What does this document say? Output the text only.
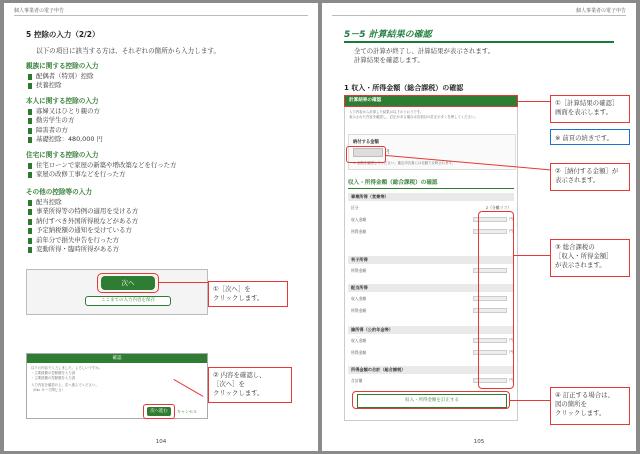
個人事業者の電子申告
5 控除の入力（2/2）
以下の項目に該当する方は、それぞれの箇所から入力します。
親族に関する控除の入力
配偶者（特別）控除
扶養控除
本人に関する控除の入力
寡婦又はひとり親の方
勤労学生の方
障害者の方
基礎控除：480,000 円
住宅に関する控除の入力
住宅ローンで家屋の新築や増改築などを行った方
家屋の改修工事などを行った方
その他の控除等の入力
配当控除
事業所得等の特例の適用を受ける方
納付すべき外国所得税などがある方
予定納税額の通知を受けている方
前年分で損失申告を行った方
変動所得・臨時所得がある方
次へ
ここまでの入力内容を保存
①［次へ］を
クリックします。
確認
以下の内容で入力しました。よろしいですか。
・主要経費の控除額を入力済
・主要経費の控除額を入力済
入力内容を確認の上、次へ進んでください。
（Esc キーで閉じる）
次へ進む	キャンセル
② 内容を確認し、
［次へ］を
クリックします。
104
個人事業者の電子申告
5－5 計算結果の確認
全ての計算が終了し、計算結果が表示されます。
計算結果を確認します。
1 収入・所得金額（総合課税）の確認
計算結果の確認
入力内容から計算した結果は以下のとおりです。
表示された内容を確認し、訂正がある場合は各項目の訂正ボタンを押してください。
納付する金額
円
※ 金額を確認してください。確定申告書には自動で反映されます。
収入・所得金額（総合課税）の確認
事業所得（営業等）
区分	2（分離ソフ）
収入金額	円
所得金額	円
利子所得
所得金額
配当所得
収入金額
所得金額
雑所得（公的年金等）
収入金額	円
所得金額	円
所得金額の合計（総合課税）
合計額	円
収入・所得金額を訂正する
①［計算結果の確認］
画面を表示します。
※ 前頁の続きです。
②［納付する金額］が
表示されます。
③ 総合課税の
［収入・所得金額］
が表示されます。
④ 訂正する場合は、
図の箇所を
クリックします。
105
